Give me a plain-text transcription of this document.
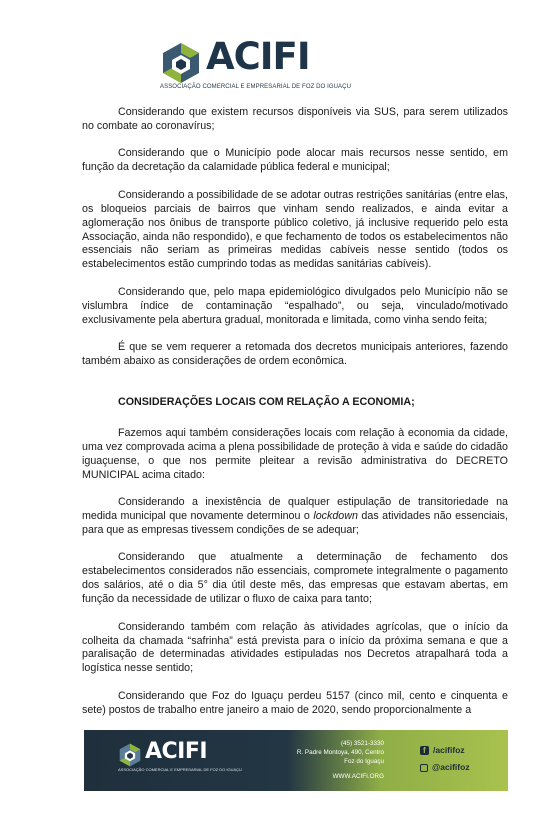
ACIFI
ASSOCIAÇÃO COMERCIAL E EMPRESARIAL DE FOZ DO IGUAÇU

Considerando que existem recursos disponíveis via SUS, para serem utilizados no combate ao coronavírus;

Considerando que o Município pode alocar mais recursos nesse sentido, em função da decretação da calamidade pública federal e municipal;

Considerando a possibilidade de se adotar outras restrições sanitárias (entre elas, os bloqueios parciais de bairros que vinham sendo realizados, e ainda evitar a aglomeração nos ônibus de transporte público coletivo, já inclusive requerido pelo esta Associação, ainda não respondido), e que fechamento de todos os estabelecimentos não essenciais não seriam as primeiras medidas cabíveis nesse sentido (todos os estabelecimentos estão cumprindo todas as medidas sanitárias cabíveis).

Considerando que, pelo mapa epidemiológico divulgados pelo Município não se vislumbra índice de contaminação “espalhado”, ou seja, vinculado/motivado exclusivamente pela abertura gradual, monitorada e limitada, como vinha sendo feita;

É que se vem requerer a retomada dos decretos municipais anteriores, fazendo também abaixo as considerações de ordem econômica.

CONSIDERAÇÕES LOCAIS COM RELAÇÃO A ECONOMIA;

Fazemos aqui também considerações locais com relação à economia da cidade, uma vez comprovada acima a plena possibilidade de proteção à vida e saúde do cidadão iguaçuense, o que nos permite pleitear a revisão administrativa do DECRETO MUNICIPAL acima citado:

Considerando a inexistência de qualquer estipulação de transitoriedade na medida municipal que novamente determinou o lockdown das atividades não essenciais, para que as empresas tivessem condições de se adequar;

Considerando que atualmente a determinação de fechamento dos estabelecimentos considerados não essenciais, compromete integralmente o pagamento dos salários, até o dia 5° dia útil deste mês, das empresas que estavam abertas, em função da necessidade de utilizar o fluxo de caixa para tanto;

Considerando também com relação às atividades agrícolas, que o início da colheita da chamada “safrinha” está prevista para o início da próxima semana e que a paralisação de determinadas atividades estipuladas nos Decretos atrapalhará toda a logística nesse sentido;

Considerando que Foz do Iguaçu perdeu 5157 (cinco mil, cento e cinquenta e sete) postos de trabalho entre janeiro a maio de 2020, sendo proporcionalmente a

ACIFI
ASSOCIAÇÃO COMERCIAL E EMPRESARIAL DE FOZ DO IGUAÇU
(45) 3521-3330
R. Padre Montoya, 490, Centro
Foz do Iguaçu
WWW.ACIFI.ORG
f /acififoz
@acififoz
